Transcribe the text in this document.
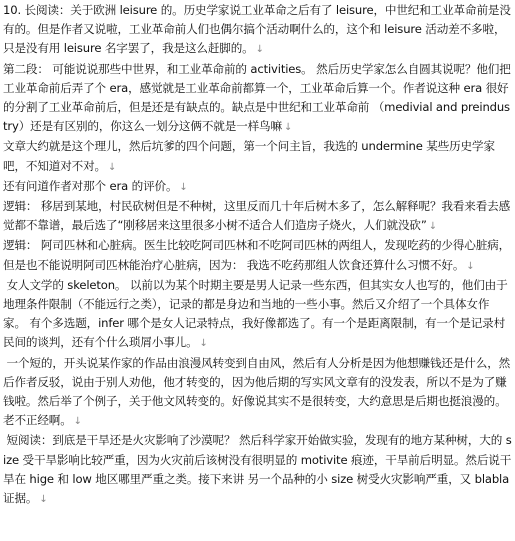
10. 长阅读：关于欧洲 leisure 的。历史学家说工业革命之后有了 leisure，中世纪和工业革命前是没有的。但是作者又说啦，工业革命前人们也偶尔搞个活动啊什么的，这个和 leisure 活动差不多啦，只是没有用 leisure 名字罢了，我是这么赶脚的。 ↓

第二段： 可能说说那些中世界，和工业革命前的 activities。 然后历史学家怎么自圆其说呢？他们把工业革命前后弄了个 era，感觉就是工业革命前都算一个，工业革命后算一个。作者说这种 era 很好的分割了工业革命前后，但是还是有缺点的。缺点是中世纪和工业革命前 （medivial and preindustry）还是有区别的，你这么一划分这俩不就是一样鸟嘛 ↓

文章大约就是这个理儿，然后坑爹的四个问题，第一个问主旨，我选的 undermine 某些历史学家吧，不知道对不对。 ↓

还有问道作者对那个 era 的评价。 ↓

逻辑： 移居到某地，村民砍树但是不种树，这里反而几十年后树木多了，怎么解释呢？我看来看去感觉都不靠谱，最后选了“刚移居来这里很多小树不适合人们造房子烧火，人们就没砍” ↓

逻辑： 阿司匹林和心脏病。医生比较吃阿司匹林和不吃阿司匹林的两组人，发现吃药的少得心脏病，但是也不能说明阿司匹林能治疗心脏病，因为： 我选不吃药那组人饮食还算什么习惯不好。 ↓

女人文学的 skeleton。 以前以为某个时期主要是男人记录一些东西，但其实女人也写的，他们由于地理条件限制（不能远行之类），记录的都是身边和当地的一些小事。然后又介绍了一个具体女作家。 有个多选题，infer 哪个是女人记录特点，我好像都选了。有一个是距离限制，有一个是记录村民间的谈判，还有个什么琐屑小事儿。 ↓

一个短的，开头说某作家的作品由浪漫风转变到自由风，然后有人分析是因为他想赚钱还是什么，然后作者反驳，说由于别人劝他，他才转变的，因为他后期的写实风文章有的没发表，所以不是为了赚钱啦。然后举了个例子，关于他文风转变的。好像说其实不是很转变，大约意思是后期也挺浪漫的。老不正经啊。 ↓

短阅读：到底是干旱还是火灾影响了沙漠呢？ 然后科学家开始做实验，发现有的地方某种树，大的 size 受干旱影响比较严重，因为火灾前后该树没有很明显的 motivite 痕迹，干旱前后明显。然后说干旱在 hige 和 low 地区哪里严重之类。接下来讲 另一个品种的小 size 树受火灾影响严重，又 blabla 证据。 ↓
